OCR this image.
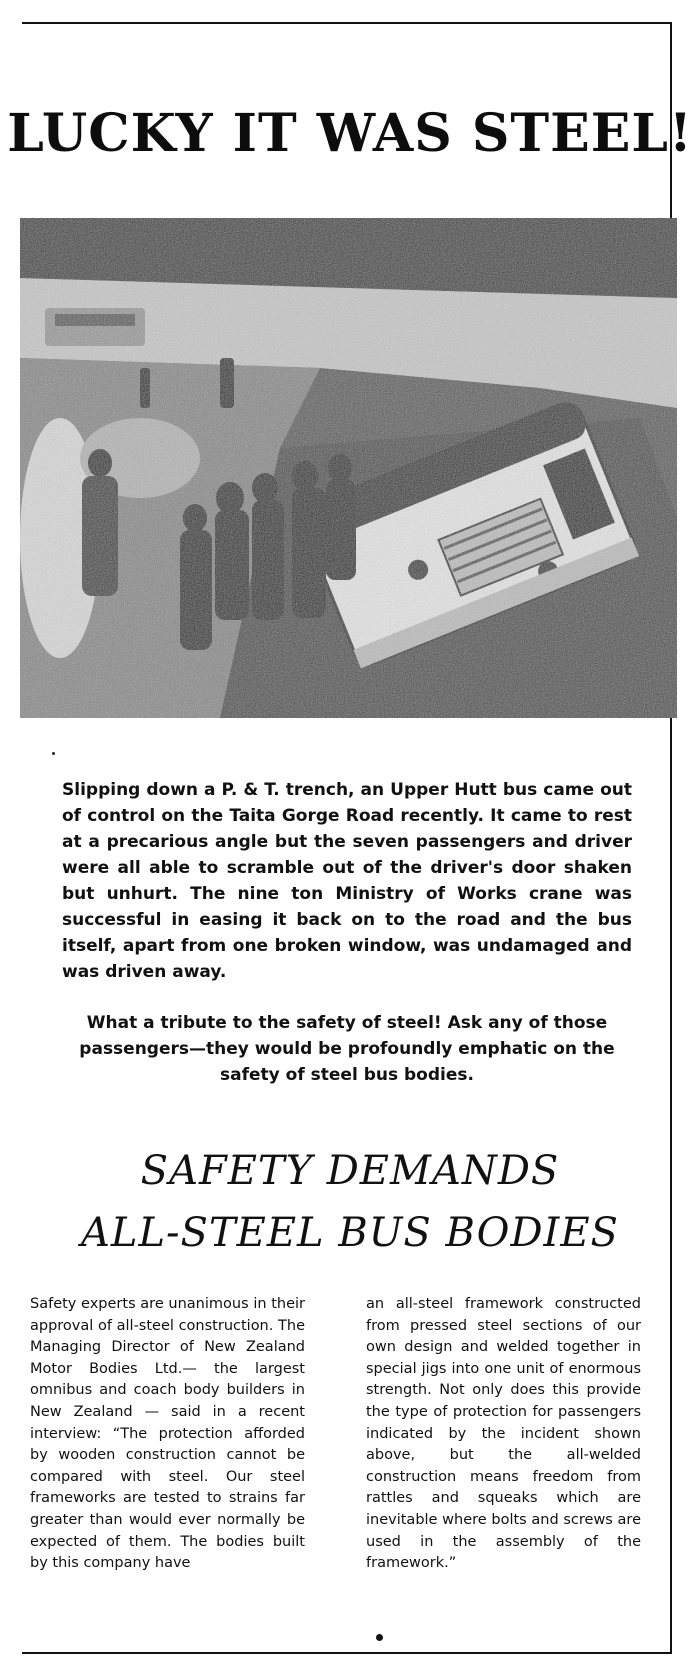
LUCKY IT WAS STEEL!

Slipping down a P. & T. trench, an Upper Hutt bus came out of control on the Taita Gorge Road recently. It came to rest at a precarious angle but the seven passengers and driver were all able to scramble out of the driver's door shaken but unhurt. The nine ton Ministry of Works crane was successful in easing it back on to the road and the bus itself, apart from one broken window, was undamaged and was driven away.

What a tribute to the safety of steel! Ask any of those passengers—they would be profoundly emphatic on the safety of steel bus bodies.

SAFETY DEMANDS
ALL-STEEL BUS BODIES

Safety experts are unanimous in their approval of all-steel construction. The Managing Director of New Zealand Motor Bodies Ltd.— the largest omnibus and coach body builders in New Zealand — said in a recent interview: “The protection afforded by wooden construction cannot be compared with steel. Our steel frameworks are tested to strains far greater than would ever normally be expected of them. The bodies built by this company have

an all-steel framework constructed from pressed steel sections of our own design and welded together in special jigs into one unit of enormous strength. Not only does this provide the type of protection for passengers indicated by the incident shown above, but the all-welded construction means freedom from rattles and squeaks which are inevitable where bolts and screws are used in the assembly of the framework.”
